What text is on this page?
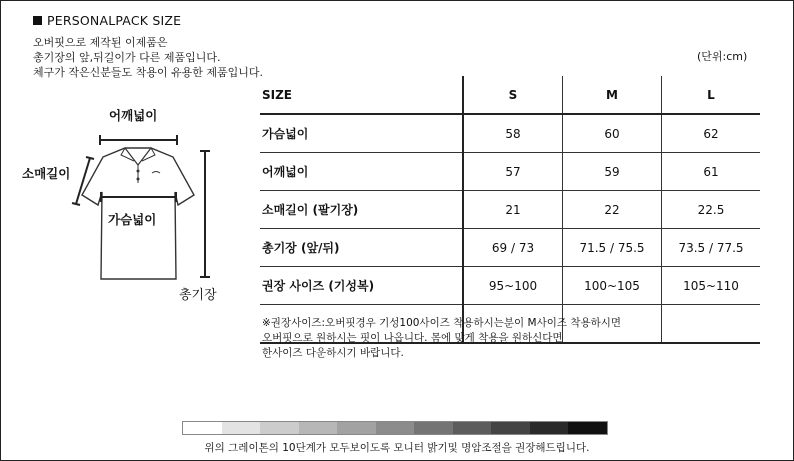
PERSONALPACK SIZE
오버핏으로 제작된 이제품은
총기장의 앞,뒤길이가 다른 제품입니다.
체구가 작은신분들도 착용이 유용한 제품입니다.
(단위:cm)
어깨넓이
소매길이
가슴넓이
총기장
SIZE	S	M	L
가슴넓이	58	60	62
어깨넓이	57	59	61
소매길이 (팔기장)	21	22	22.5
총기장 (앞/뒤)	69 / 73	71.5 / 75.5	73.5 / 77.5
권장 사이즈 (기성복)	95~100	100~105	105~110

※권장사이즈:오버핏경우 기성100사이즈 착용하시는분이 M사이즈 착용하시면
오버핏으로 원하시는 핏이 나옵니다. 몸에 맞게 착용을 원하신다면
한사이즈 다운하시기 바랍니다.
위의 그레이톤의 10단계가 모두보이도록 모니터 밝기및 명암조절을 권장해드립니다.
